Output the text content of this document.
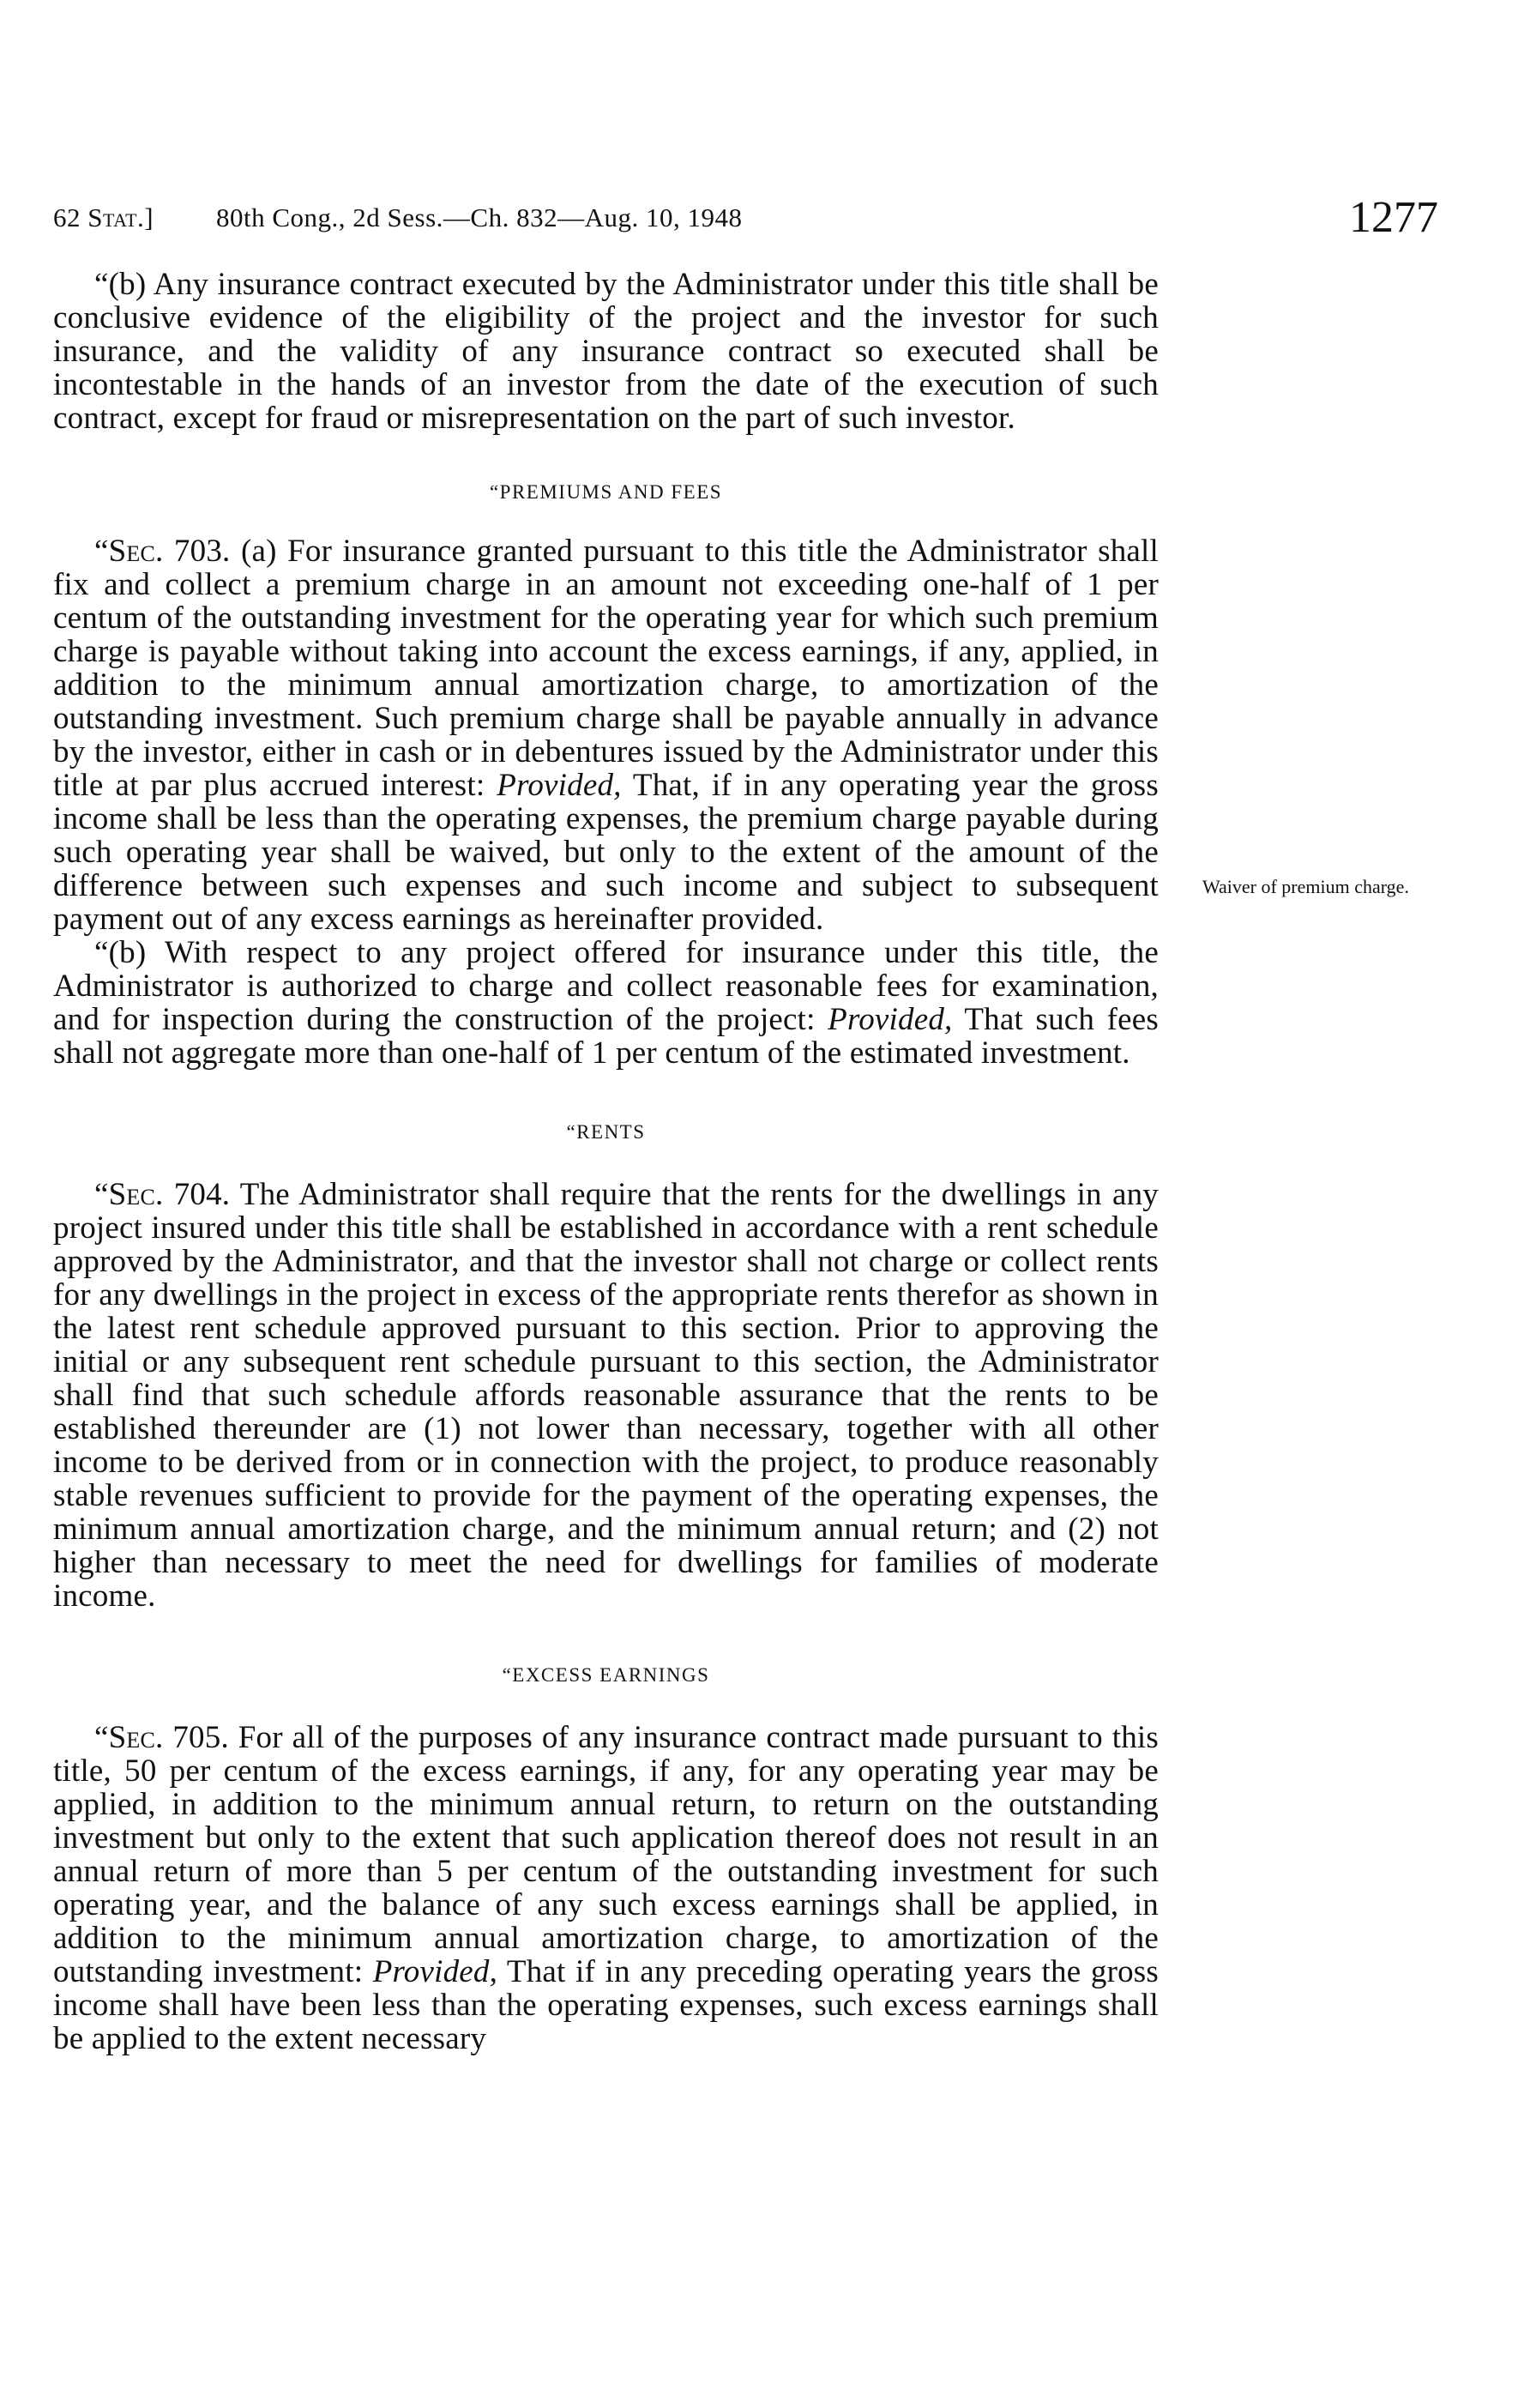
62 Stat.] 80th Cong., 2d Sess.—Ch. 832—Aug. 10, 1948	1277

“(b) Any insurance contract executed by the Administrator under this title shall be conclusive evidence of the eligibility of the project and the investor for such insurance, and the validity of any insurance contract so executed shall be incontestable in the hands of an investor from the date of the execution of such contract, except for fraud or misrepresentation on the part of such investor.

“PREMIUMS AND FEES

“Sec. 703. (a) For insurance granted pursuant to this title the Administrator shall fix and collect a premium charge in an amount not exceeding one-half of 1 per centum of the outstanding investment for the operating year for which such premium charge is payable without taking into account the excess earnings, if any, applied, in addition to the minimum annual amortization charge, to amortization of the outstanding investment. Such premium charge shall be payable annually in advance by the investor, either in cash or in debentures issued by the Administrator under this title at par plus accrued interest: Provided, That, if in any operating year the gross income shall be less than the operating expenses, the premium charge payable during such operating year shall be waived, but only to the extent of the amount of the difference between such expenses and such income and subject to subsequent payment out of any excess earnings as hereinafter provided.

“(b) With respect to any project offered for insurance under this title, the Administrator is authorized to charge and collect reasonable fees for examination, and for inspection during the construction of the project: Provided, That such fees shall not aggregate more than one-half of 1 per centum of the estimated investment.

“RENTS

“Sec. 704. The Administrator shall require that the rents for the dwellings in any project insured under this title shall be established in accordance with a rent schedule approved by the Administrator, and that the investor shall not charge or collect rents for any dwellings in the project in excess of the appropriate rents therefor as shown in the latest rent schedule approved pursuant to this section. Prior to approving the initial or any subsequent rent schedule pursuant to this section, the Administrator shall find that such schedule affords reasonable assurance that the rents to be established thereunder are (1) not lower than necessary, together with all other income to be derived from or in connection with the project, to produce reasonably stable revenues sufficient to provide for the payment of the operating expenses, the minimum annual amortization charge, and the minimum annual return; and (2) not higher than necessary to meet the need for dwellings for families of moderate income.

“EXCESS EARNINGS

“Sec. 705. For all of the purposes of any insurance contract made pursuant to this title, 50 per centum of the excess earnings, if any, for any operating year may be applied, in addition to the minimum annual return, to return on the outstanding investment but only to the extent that such application thereof does not result in an annual return of more than 5 per centum of the outstanding investment for such operating year, and the balance of any such excess earnings shall be applied, in addition to the minimum annual amortization charge, to amortization of the outstanding investment: Provided, That if in any preceding operating years the gross income shall have been less than the operating expenses, such excess earnings shall be applied to the extent necessary

Waiver of premium charge.
